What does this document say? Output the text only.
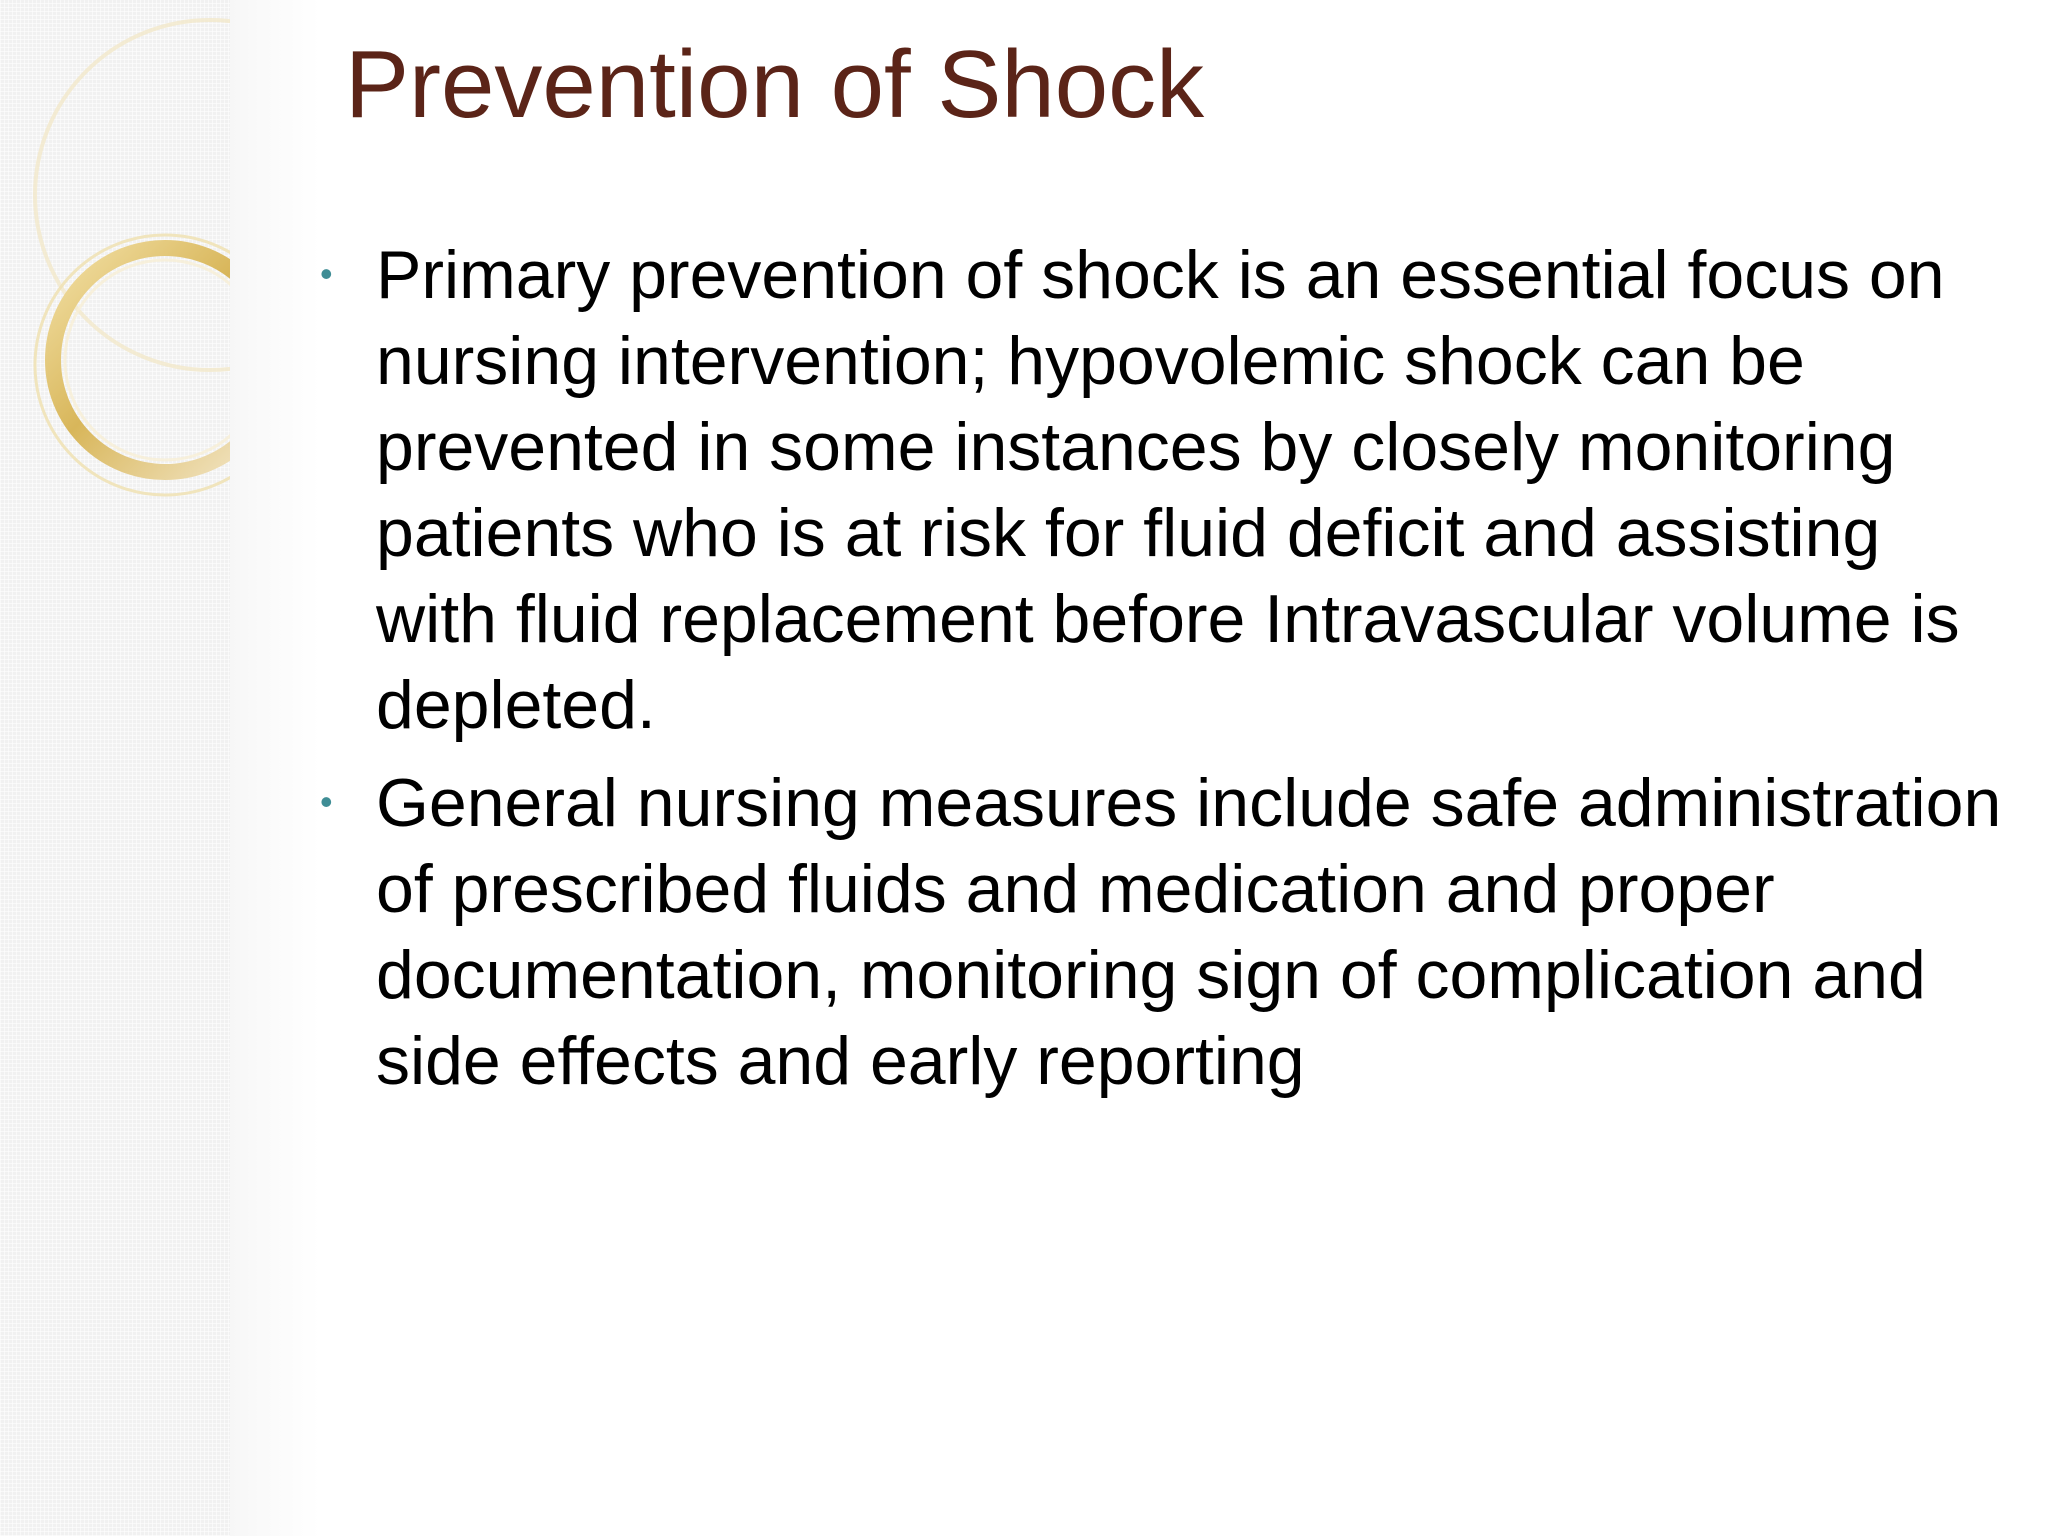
Prevention of Shock
• Primary prevention of shock is an essential focus on nursing intervention; hypovolemic shock can be prevented in some instances by closely monitoring patients who is at risk for fluid deficit and assisting with fluid replacement before Intravascular volume is depleted.
• General nursing measures include safe administration of prescribed fluids and medication and proper documentation, monitoring sign of complication and side effects and early reporting
